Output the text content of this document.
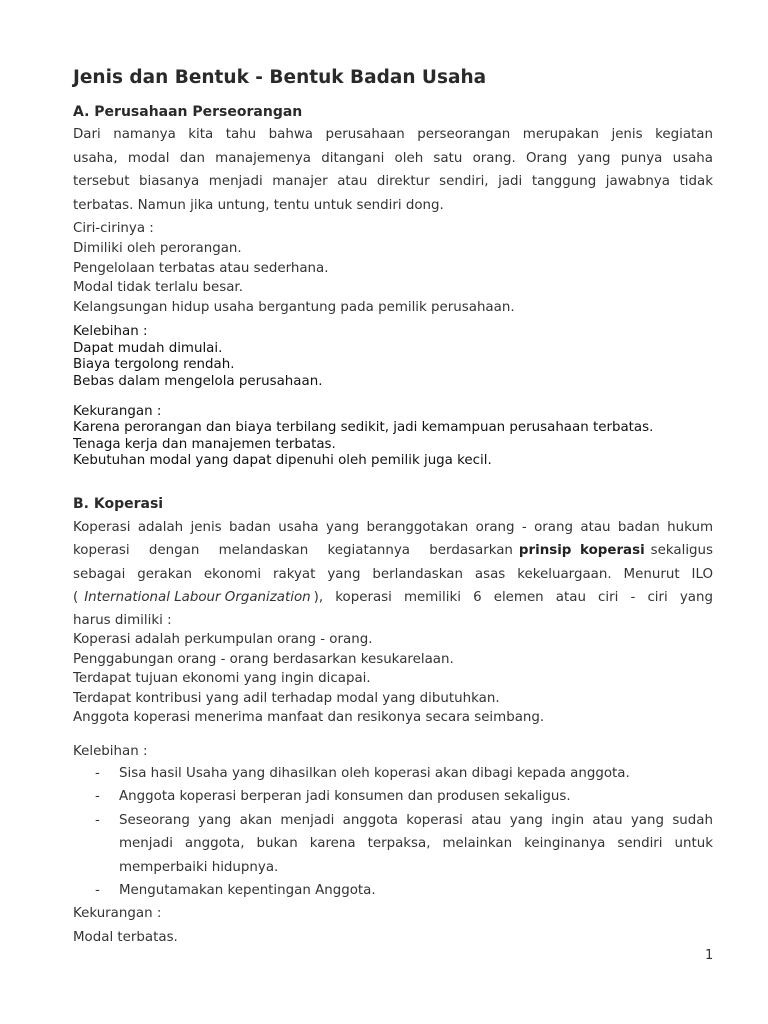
Jenis dan Bentuk - Bentuk Badan Usaha
A. Perusahaan Perseorangan
Dari namanya kita tahu bahwa perusahaan perseorangan merupakan jenis kegiatan
usaha, modal dan manajemenya ditangani oleh satu orang. Orang yang punya usaha
tersebut biasanya menjadi manajer atau direktur sendiri, jadi tanggung jawabnya tidak
terbatas. Namun jika untung, tentu untuk sendiri dong.
Ciri-cirinya :
Dimiliki oleh perorangan.
Pengelolaan terbatas atau sederhana.
Modal tidak terlalu besar.
Kelangsungan hidup usaha bergantung pada pemilik perusahaan.
Kelebihan :
Dapat mudah dimulai.
Biaya tergolong rendah.
Bebas dalam mengelola perusahaan.
Kekurangan :
Karena perorangan dan biaya terbilang sedikit, jadi kemampuan perusahaan terbatas.
Tenaga kerja dan manajemen terbatas.
Kebutuhan modal yang dapat dipenuhi oleh pemilik juga kecil.
B. Koperasi
Koperasi adalah jenis badan usaha yang beranggotakan orang - orang atau badan hukum
koperasi dengan melandaskan kegiatannya berdasarkan prinsip koperasi sekaligus
sebagai gerakan ekonomi rakyat yang berlandaskan asas kekeluargaan. Menurut ILO
( International Labour Organization ), koperasi memiliki 6 elemen atau ciri - ciri yang
harus dimiliki :
Koperasi adalah perkumpulan orang - orang.
Penggabungan orang - orang berdasarkan kesukarelaan.
Terdapat tujuan ekonomi yang ingin dicapai.
Terdapat kontribusi yang adil terhadap modal yang dibutuhkan.
Anggota koperasi menerima manfaat dan resikonya secara seimbang.
Kelebihan :
- Sisa hasil Usaha yang dihasilkan oleh koperasi akan dibagi kepada anggota.
- Anggota koperasi berperan jadi konsumen dan produsen sekaligus.
- Seseorang yang akan menjadi anggota koperasi atau yang ingin atau yang sudah menjadi anggota, bukan karena terpaksa, melainkan keinginanya sendiri untuk memperbaiki hidupnya.
- Mengutamakan kepentingan Anggota.
Kekurangan :
Modal terbatas.
1
